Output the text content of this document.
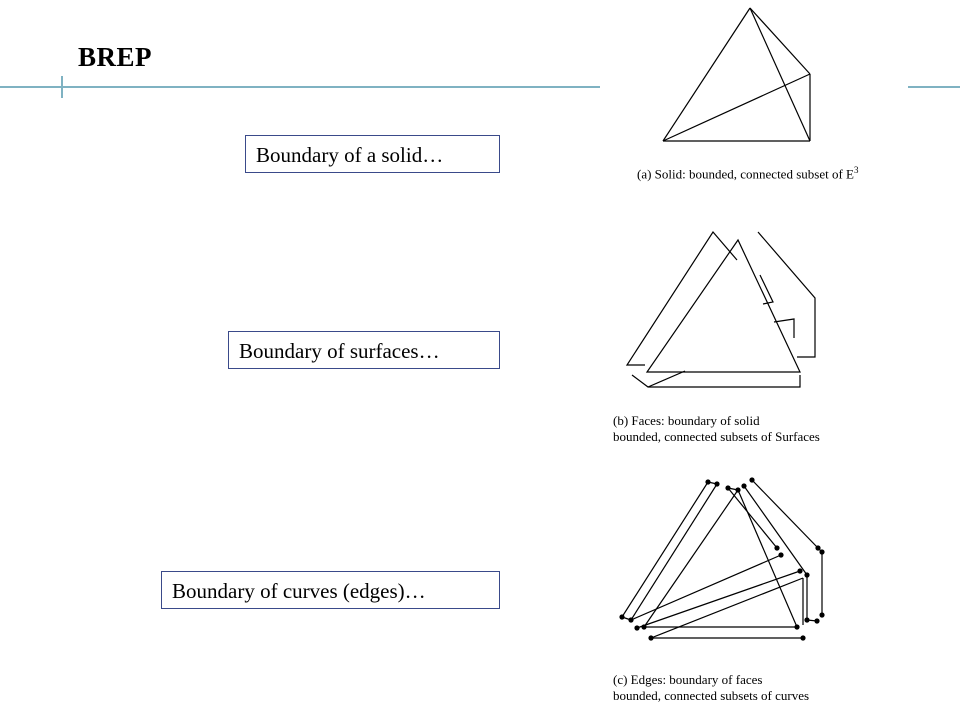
BREP
Boundary of a solid…
Boundary of surfaces…
Boundary of curves (edges)…
(a) Solid: bounded, connected subset of $E^3$
(b) Faces: boundary of solid
bounded, connected subsets of Surfaces
(c) Edges: boundary of faces
bounded, connected subsets of curves
